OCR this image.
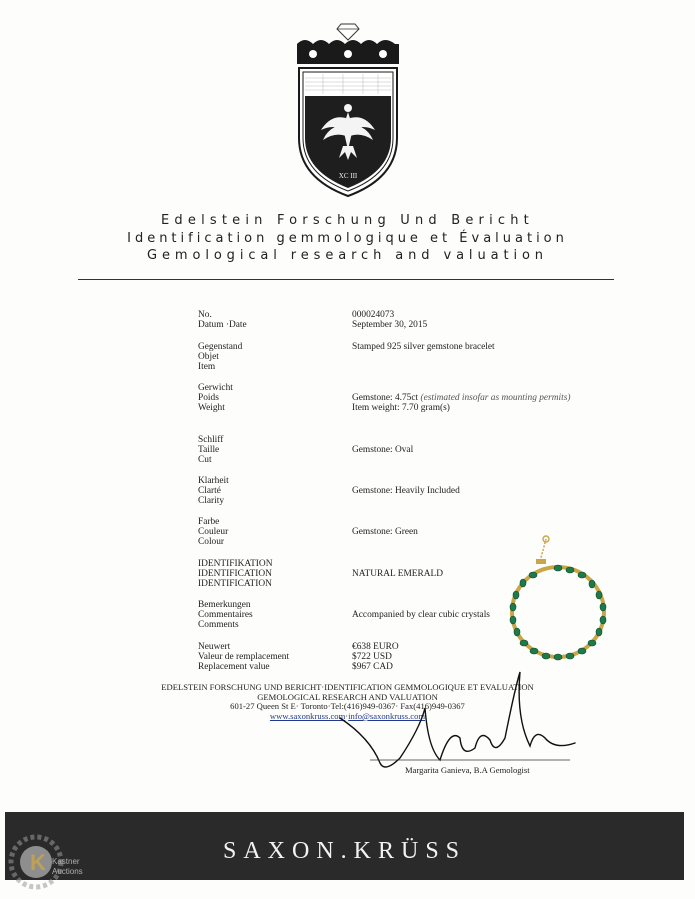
XC III
Edelstein Forschung Und Bericht
Identification gemmologique et Évaluation
Gemological research and valuation
No.
Datum ·Date
Gegenstand
Objet
Item
Gerwicht
Poids
Weight
Schliff
Taille
Cut
Klarheit
Clarté
Clarity
Farbe
Couleur
Colour
IDENTIFIKATION
IDENTIFICATION
IDENTIFICATION
Bemerkungen
Commentaires
Comments
Neuwert
Valeur de remplacement
Replacement value
000024073
September 30, 2015
Stamped 925 silver gemstone bracelet
Gemstone: 4.75ct (estimated insofar as mounting permits)
Item weight: 7.70 gram(s)
Gemstone: Oval
Gemstone: Heavily Included
Gemstone: Green
NATURAL EMERALD
Accompanied by clear cubic crystals
€638 EURO
$722 USD
$967 CAD
EDELSTEIN FORSCHUNG UND BERICHT·IDENTIFICATION GEMMOLOGIQUE ET EVALUATION
GEMOLOGICAL RESEARCH AND VALUATION
601-27 Queen St E· Toronto·Tel:(416)949-0367· Fax(416)949-0367
www.saxonkruss.com·info@saxonkruss.com
Margarita Ganieva, B.A Gemologist
SAXON.KRÜSS
K Kastner
Auctions
